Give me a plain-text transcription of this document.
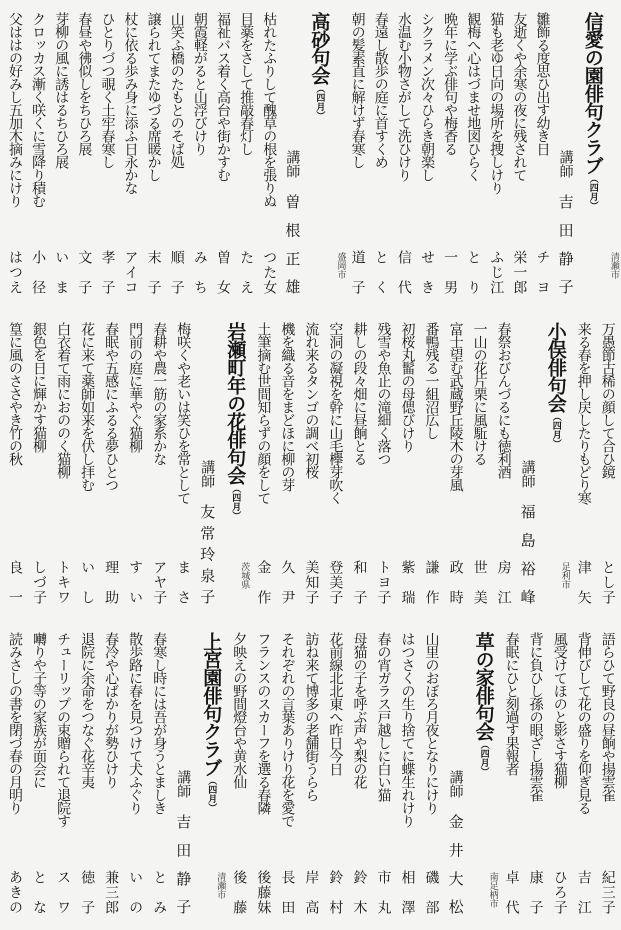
清瀬市
信愛の園俳句クラブ（四月）
講師
吉田静子
雛飾る度思ひ出す幼き日
チヨ
友逝くや余寒の夜に残されて
栄一郎
猫も老ゆ日向の場所を捜しけり
ふじ江
観梅へ心はづませ地図ひらく
とり
晩年に学ぶ俳句や梅香る
一男
シクラメン次々ひらき朝楽し
せき
水温む小物さがして洗ひけり
信代
春遠し散歩の庭に首すくめ
とく
朝の髪素直に解けず春寒し
道子
盛岡市
高砂句会（四月）
講師
曽根正雄
枯れたふりして醜草の根を張りぬ
つた女
目薬をさして推敲春灯し
たえ
福祉バス着く高台や街かすむ
曽女
朝霞軽がると山浮びけり
みち
山笑ふ橋のたもとのそば処
順子
譲られてまたゆづる席暖かし
末子
杖に依る歩み身に添ふ日永かな
アイコ
ひとりづつ覗く土牢春寒し
孝子
春昼や彿似しをちひろ展
文子
芽柳の風に誘はるちひろ展
いま
クロッカス漸く咲くに雪降り積む
小径
父ははの好みし五加木摘みにけり
はつえ
万愚節古稀の顔して合ひ鏡
とし子
来る春を押し戻したりもどり寒
津矢
小俣俳句会（四月）
足利市
講師
福島裕峰
春祭おびんづるにも徳利酒
房江
一山の花片栗に風駈ける
世美
富士望む武蔵野丘陵木の芽風
政時
番鴨残る一組沼広し
謙作
初桜丸髷の母偲びけり
紫瑞
残雪や魚止の滝細く落つ
トヨ子
耕しの段々畑に昼餉とる
和子
空洞の凝視を幹に山毛欅芽吹く
登美子
流れ来るタンゴの調べ初桜
美知子
機を織る音をまどほに柳の芽
久尹
土筆摘む世間知らずの顔をして
金作
岩瀬町年の花俳句会（四月）
茨城県
講師
友常玲泉子
梅咲くや老いは笑ひを常として
まさ
春耕や農一筋の家系かな
アヤ子
門前の庭に華やぐ猫柳
すい
春眠や五感にふるる夢ひとつ
理助
花に来て薬師如来を伏し拝む
いし
白衣着て雨におののく猫柳
トキワ
銀色を日に輝かす猫柳
しづ子
篁に風のささやき竹の秋
良一
語らひて野良の昼餉や揚雲雀
紀三子
背伸びして花の盛りを仰ぎ見る
吉江
風受けてほのと影さす猫柳
ひろ子
背に負ひし孫の眼ざし揚雲雀
康子
春眠にひと刻過す果報者
卓代
草の家俳句会（四月）
南足柄市
講師
金井大松
山里のおぼろ月夜となりにけり
磯部
はつさくの生り捨てに蝶生れけり
相澤
春の宵ガラス戸越しに白い猫
市丸
母猫の子を呼ぶ声や梨の花
鈴木
花前線北北東へ昨日今日
鈴村
訪ね来て博多の老舗街うらら
岸高
それぞれの言葉ありけり花を愛で
長田
フランスのスカーフを選る春隣
後藤妹
夕映えの野間燈台や黄水仙
後藤
上宮園俳句クラブ（四月）
清瀬市
講師
吉田静子
春寒し時には吾が身うとましき
とみ
散歩路に春を見つけて犬ふぐり
いの
春冷や心ばかりが勢ひけり
兼三郎
退院に余命をつなぐ花辛夷
徳子
チューリップの束贈られて退院す
スワ
囀りや子等の家族が面会に
とな
読みさしの書を閉づ春の月明り
あきの
